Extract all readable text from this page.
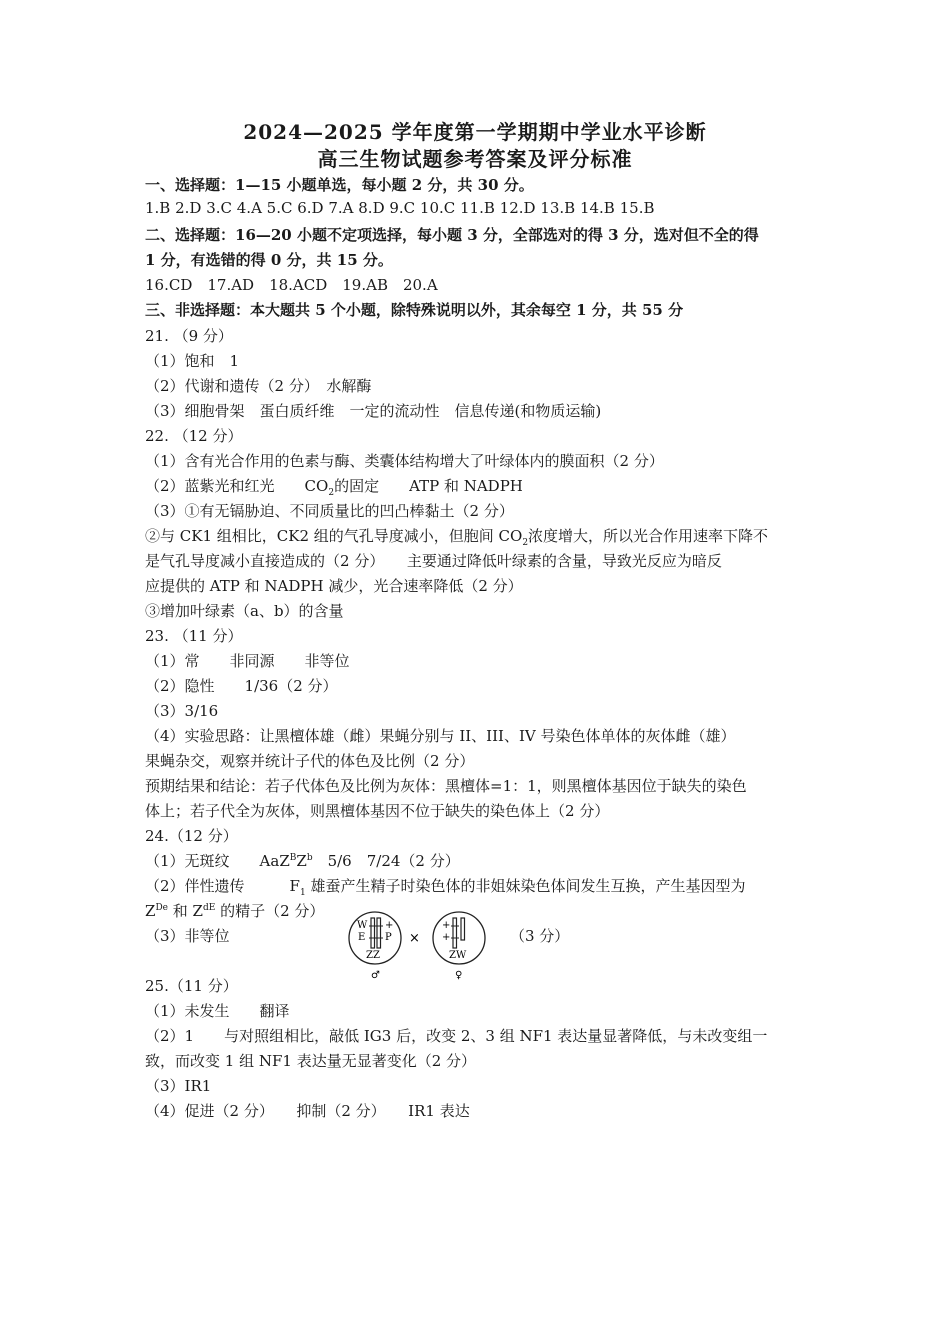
2024—2025 学年度第一学期期中学业水平诊断
高三生物试题参考答案及评分标准
一、选择题：1—15 小题单选，每小题 2 分，共 30 分。
1.B 2.D 3.C 4.A 5.C 6.D 7.A 8.D 9.C 10.C 11.B 12.D 13.B 14.B 15.B
二、选择题：16—20 小题不定项选择，每小题 3 分，全部选对的得 3 分，选对但不全的得
1 分，有选错的得 0 分，共 15 分。
16.CD　17.AD　18.ACD　19.AB　20.A
三、非选择题：本大题共 5 个小题，除特殊说明以外，其余每空 1 分，共 55 分
21. （9 分）
（1）饱和　1
（2）代谢和遗传（2 分）　水解酶
（3）细胞骨架　蛋白质纤维　一定的流动性　信息传递(和物质运输)
22. （12 分）
（1）含有光合作用的色素与酶、类囊体结构增大了叶绿体内的膜面积（2 分）
（2）蓝紫光和红光　　$CO_2$的固定　　ATP 和 NADPH
（3）①有无镉胁迫、不同质量比的凹凸棒黏土（2 分）
②与 CK1 组相比，CK2 组的气孔导度减小，但胞间 $CO_2$浓度增大，所以光合作用速率下降不
是气孔导度减小直接造成的（2 分）　　主要通过降低叶绿素的含量，导致光反应为暗反
应提供的 ATP 和 NADPH 减少，光合速率降低（2 分）
③增加叶绿素（a、b）的含量
23. （11 分）
（1）常　　非同源　　非等位
（2）隐性　　1/36（2 分）
（3）3/16
（4）实验思路：让黑檀体雄（雌）果蝇分别与 II、III、IV 号染色体单体的灰体雌（雄）
果蝇杂交，观察并统计子代的体色及比例（2 分）
预期结果和结论：若子代体色及比例为灰体：黑檀体=1：1，则黑檀体基因位于缺失的染色
体上；若子代全为灰体，则黑檀体基因不位于缺失的染色体上（2 分）
24.（12 分）
（1）无斑纹　　$AaZ^BZ^b$　5/6　7/24（2 分）
（2）伴性遗传　　　$F_1$ 雄蚕产生精子时染色体的非姐妹染色体间发生互换，产生基因型为
$Z^{De}$ 和 $Z^{dE}$ 的精子（2 分）
（3）非等位	（3 分）
W
E
+
P
ZZ
♂
×
+
+
ZW
♀
25.（11 分）
（1）未发生　　翻译
（2）1　　与对照组相比，敲低 IG3 后，改变 2、3 组 NF1 表达量显著降低，与未改变组一
致，而改变 1 组 NF1 表达量无显著变化（2 分）
（3）IR1
（4）促进（2 分）　　抑制（2 分）　　IR1 表达
